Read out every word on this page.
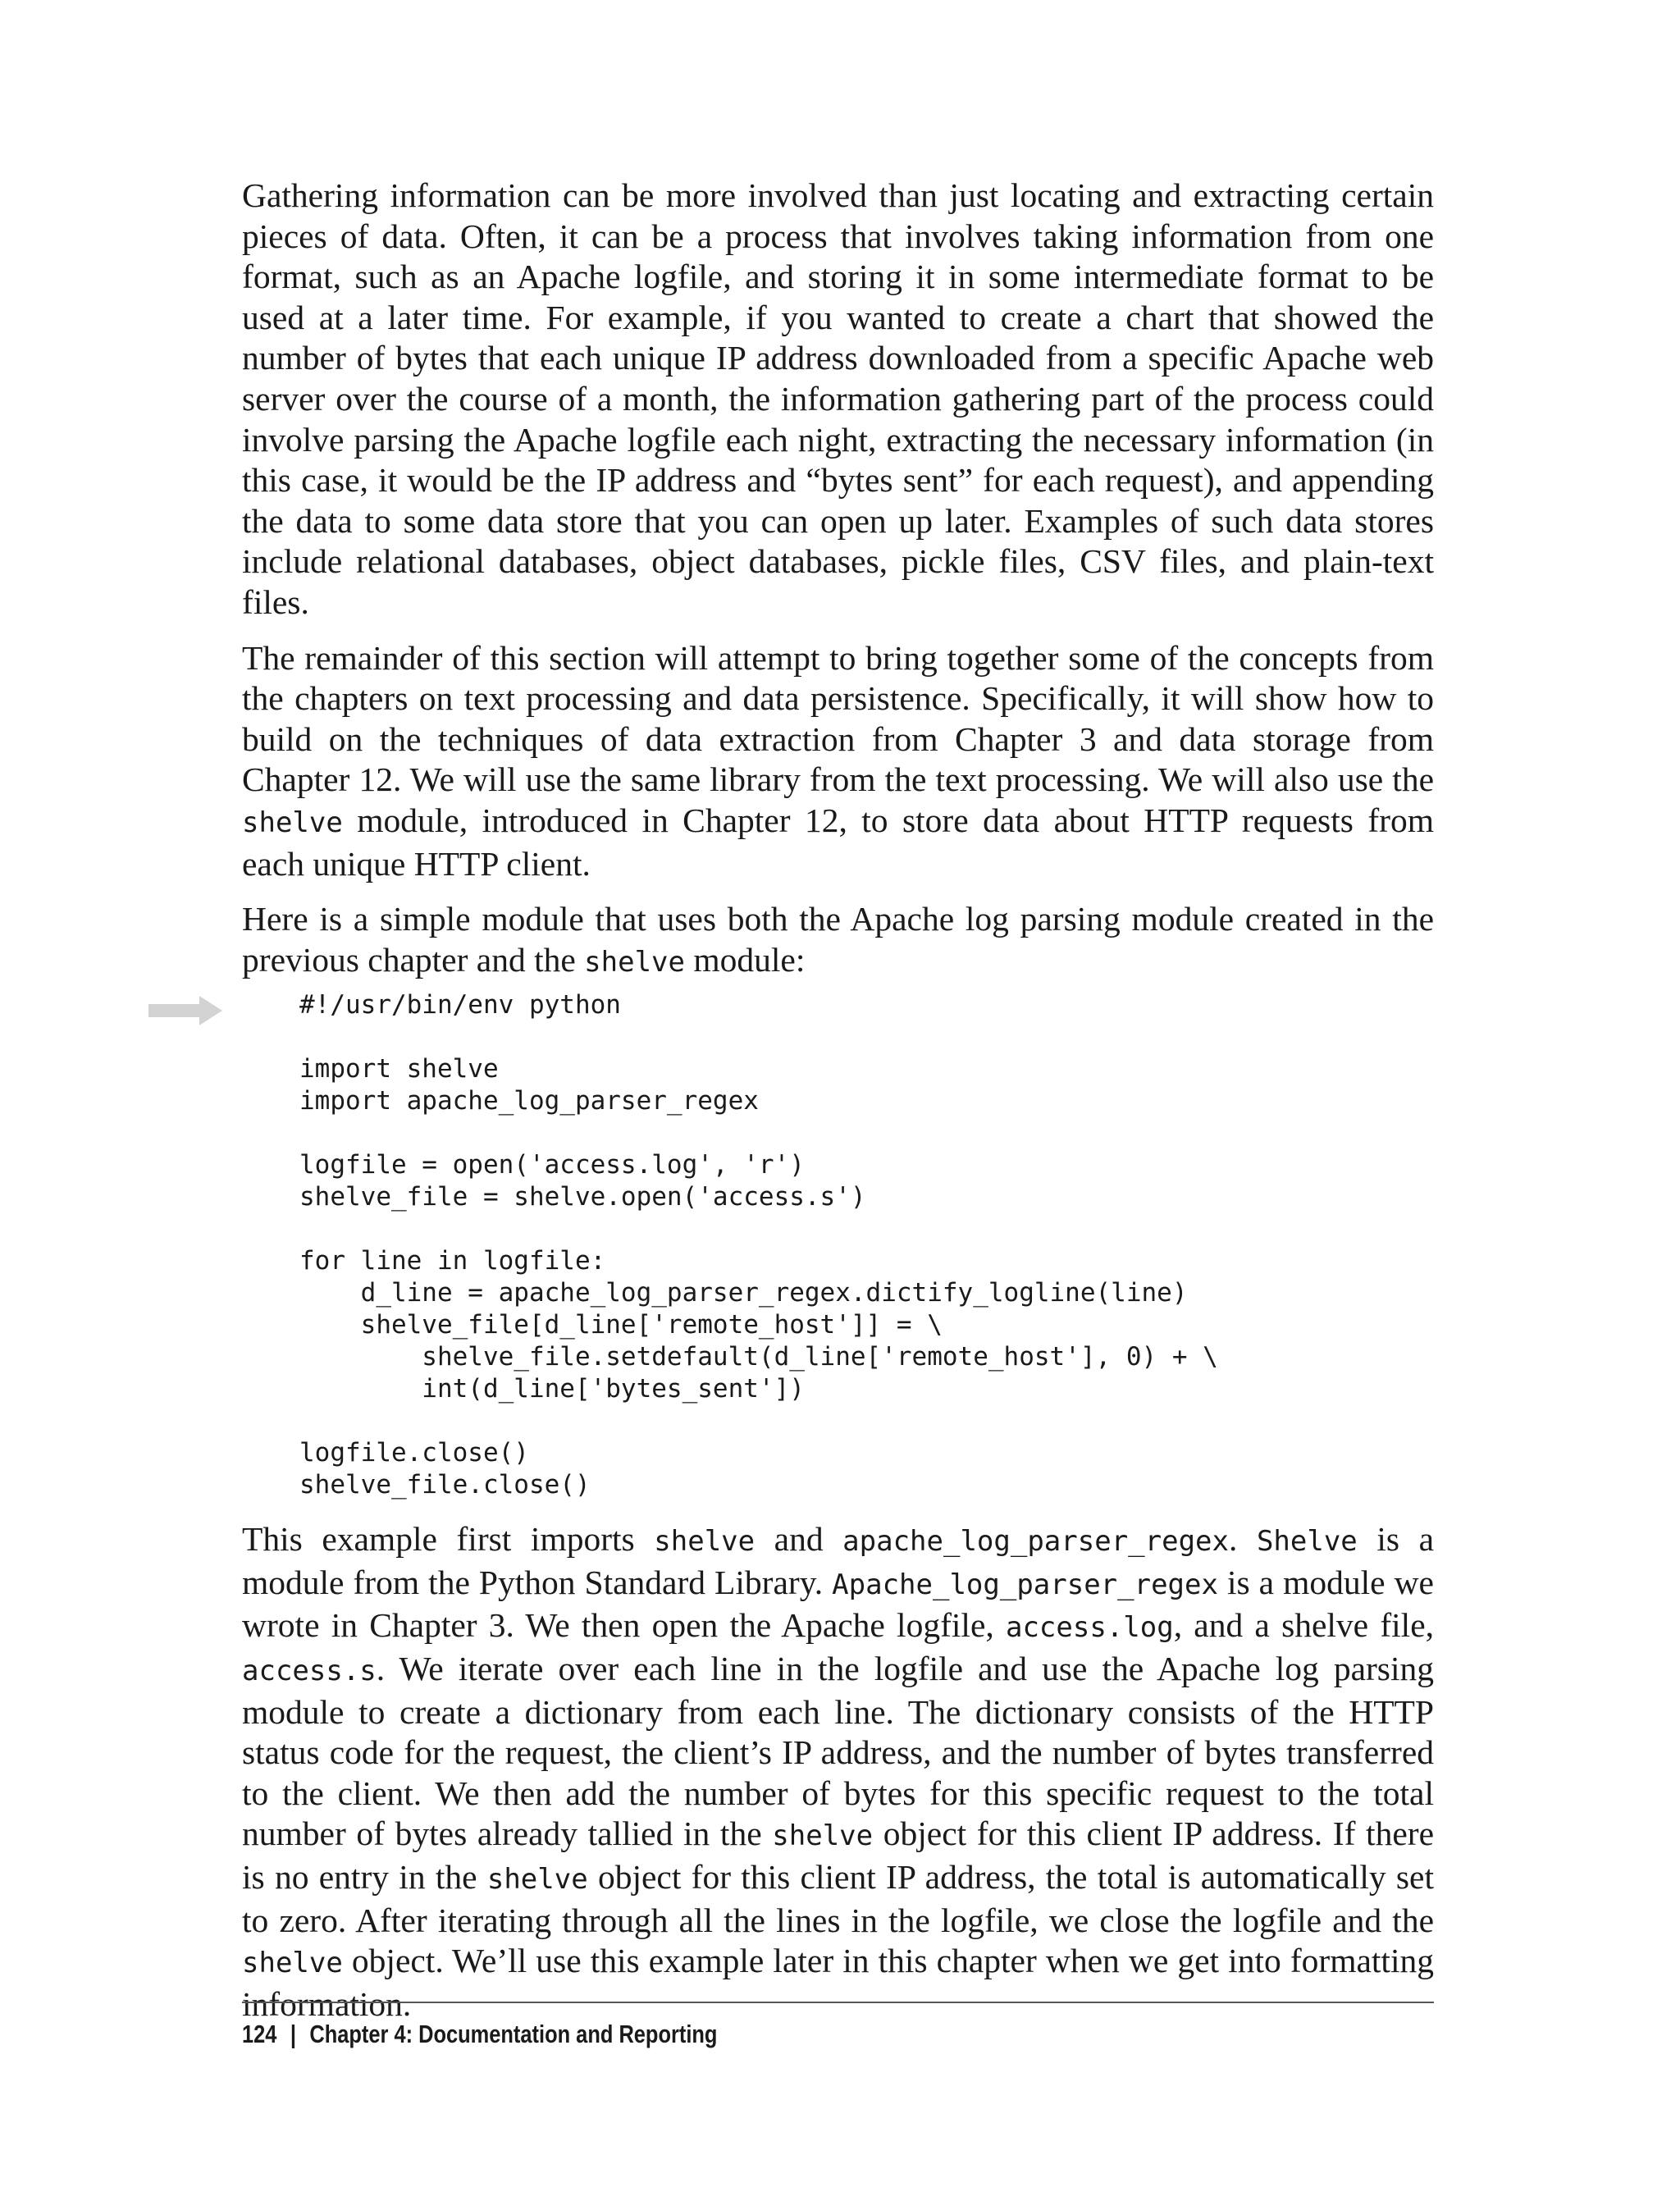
Gathering information can be more involved than just locating and extracting certain pieces of data. Often, it can be a process that involves taking information from one format, such as an Apache logfile, and storing it in some intermediate format to be used at a later time. For example, if you wanted to create a chart that showed the number of bytes that each unique IP address downloaded from a specific Apache web server over the course of a month, the information gathering part of the process could involve parsing the Apache logfile each night, extracting the necessary information (in this case, it would be the IP address and “bytes sent” for each request), and appending the data to some data store that you can open up later. Examples of such data stores include relational databases, object databases, pickle files, CSV files, and plain-text files.

The remainder of this section will attempt to bring together some of the concepts from the chapters on text processing and data persistence. Specifically, it will show how to build on the techniques of data extraction from Chapter 3 and data storage from Chapter 12. We will use the same library from the text processing. We will also use the shelve module, introduced in Chapter 12, to store data about HTTP requests from each unique HTTP client.

Here is a simple module that uses both the Apache log parsing module created in the previous chapter and the shelve module:

#!/usr/bin/env python

import shelve
import apache_log_parser_regex

logfile = open('access.log', 'r')
shelve_file = shelve.open('access.s')

for line in logfile:
d_line = apache_log_parser_regex.dictify_logline(line)
shelve_file[d_line['remote_host']] = \
shelve_file.setdefault(d_line['remote_host'], 0) + \
int(d_line['bytes_sent'])

logfile.close()
shelve_file.close()

This example first imports shelve and apache_log_parser_regex. Shelve is a module from the Python Standard Library. Apache_log_parser_regex is a module we wrote in Chapter 3. We then open the Apache logfile, access.log, and a shelve file, access.s. We iterate over each line in the logfile and use the Apache log parsing module to create a dictionary from each line. The dictionary consists of the HTTP status code for the request, the client’s IP address, and the number of bytes transferred to the client. We then add the number of bytes for this specific request to the total number of bytes already tallied in the shelve object for this client IP address. If there is no entry in the shelve object for this client IP address, the total is automatically set to zero. After iterating through all the lines in the logfile, we close the logfile and the shelve object. We’ll use this example later in this chapter when we get into formatting information.

124 | Chapter 4: Documentation and Reporting
